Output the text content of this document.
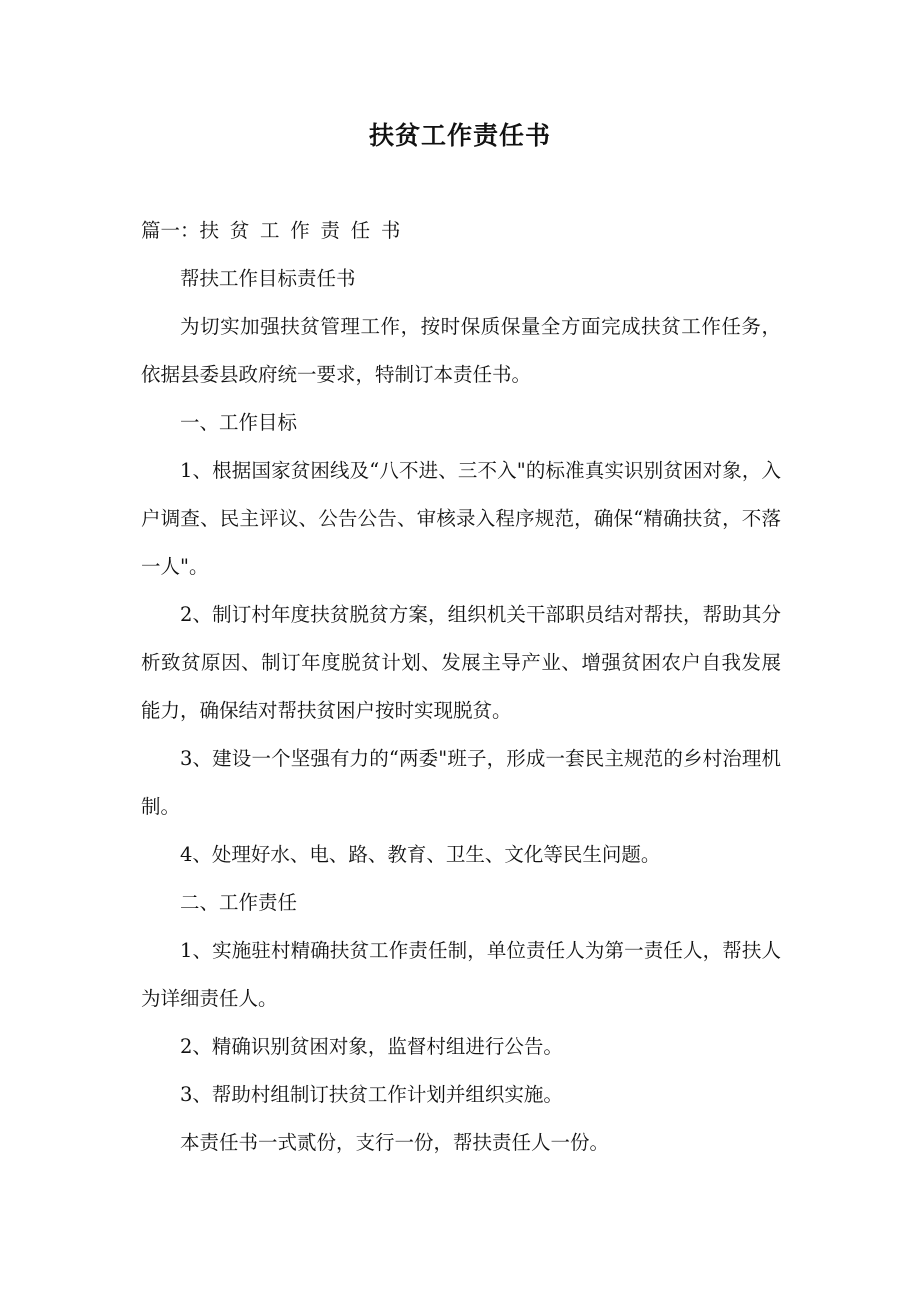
扶贫工作责任书

篇一：扶贫工作责任书

帮扶工作目标责任书

为切实加强扶贫管理工作，按时保质保量全方面完成扶贫工作任务，依据县委县政府统一要求，特制订本责任书。

一、工作目标

1、根据国家贫困线及“八不进、三不入"的标准真实识别贫困对象，入户调查、民主评议、公告公告、审核录入程序规范，确保“精确扶贫，不落一人"。

2、制订村年度扶贫脱贫方案，组织机关干部职员结对帮扶，帮助其分析致贫原因、制订年度脱贫计划、发展主导产业、增强贫困农户自我发展能力，确保结对帮扶贫困户按时实现脱贫。

3、建设一个坚强有力的“两委"班子，形成一套民主规范的乡村治理机制。

4、处理好水、电、路、教育、卫生、文化等民生问题。

二、工作责任

1、实施驻村精确扶贫工作责任制，单位责任人为第一责任人，帮扶人为详细责任人。

2、精确识别贫困对象，监督村组进行公告。

3、帮助村组制订扶贫工作计划并组织实施。

本责任书一式贰份，支行一份，帮扶责任人一份。
